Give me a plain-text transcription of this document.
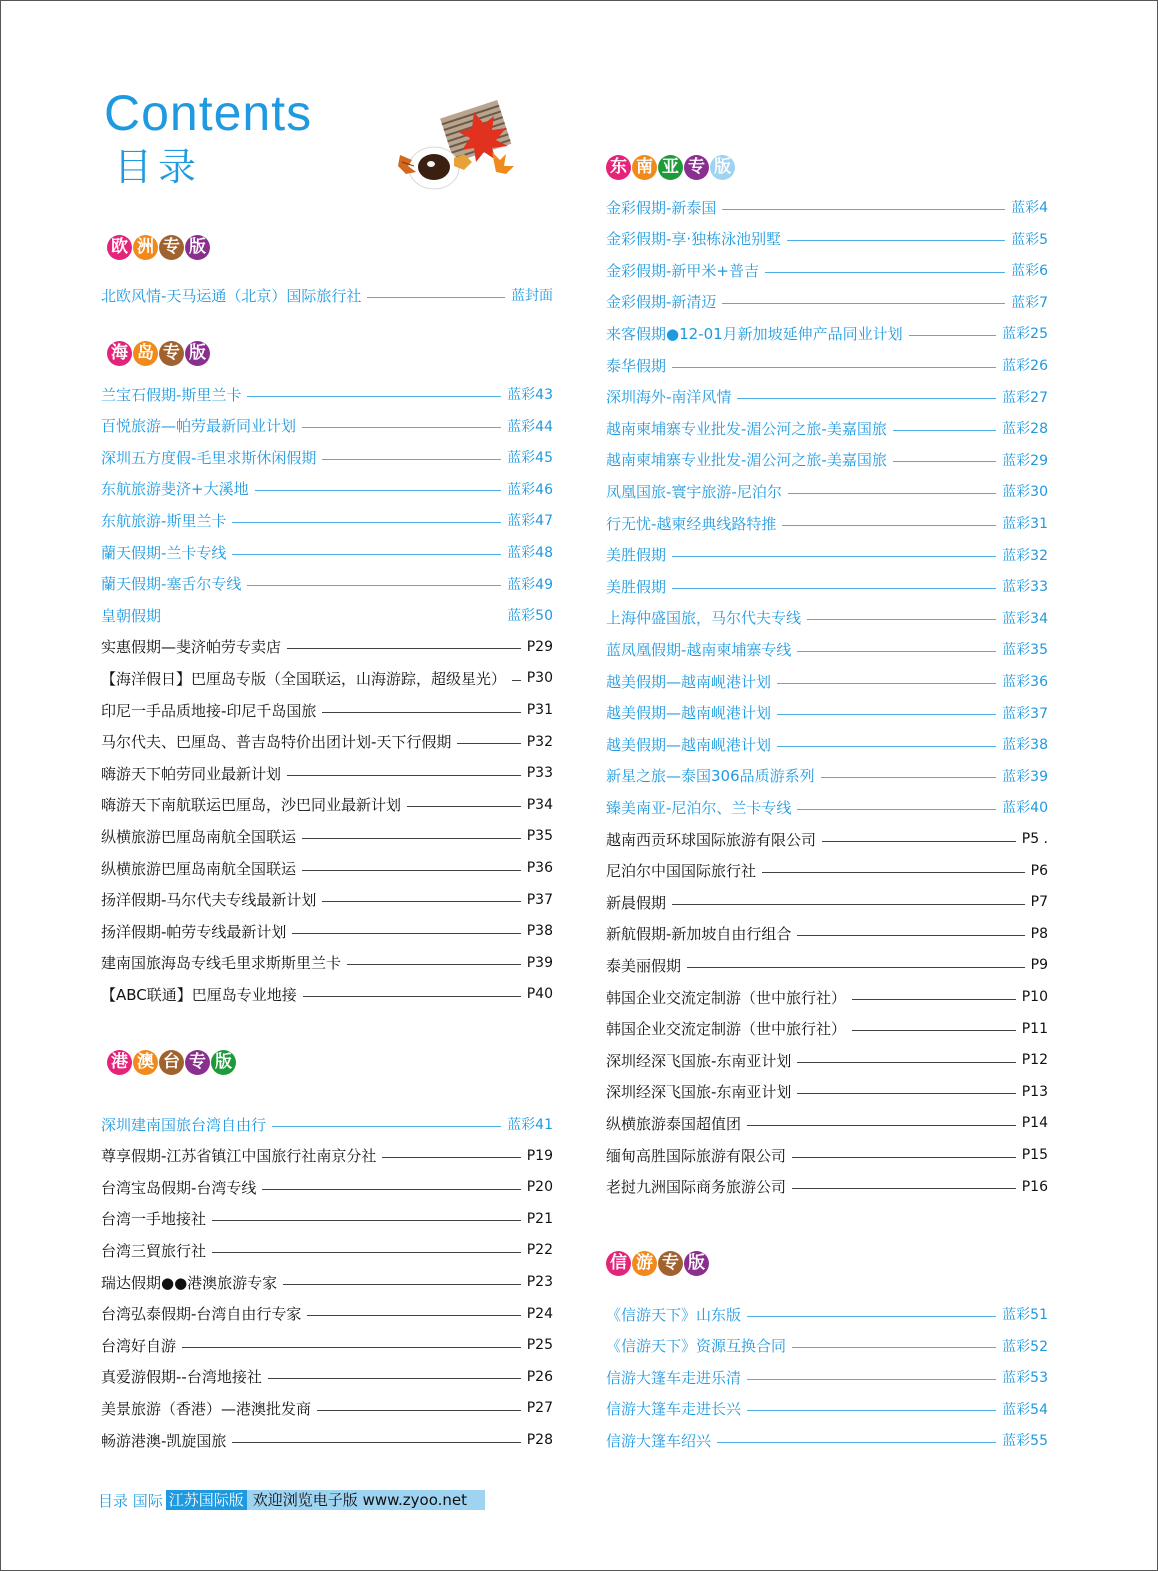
Contents
目录
欧 洲 专 版
北欧风情-天马运通（北京）国际旅行社	蓝封面
海 岛 专 版
兰宝石假期-斯里兰卡	蓝彩43
百悦旅游—帕劳最新同业计划	蓝彩44
深圳五方度假-毛里求斯休闲假期	蓝彩45
东航旅游斐济+大溪地	蓝彩46
东航旅游-斯里兰卡	蓝彩47
蘭天假期-兰卡专线	蓝彩48
蘭天假期-塞舌尔专线	蓝彩49
皇朝假期	蓝彩50
实惠假期—斐济帕劳专卖店	P29
【海洋假日】巴厘岛专版（全国联运，山海游踪，超级星光） P30
印尼一手品质地接-印尼千岛国旅	P31
马尔代夫、巴厘岛、普吉岛特价出团计划-天下行假期	P32
嗨游天下帕劳同业最新计划	P33
嗨游天下南航联运巴厘岛，沙巴同业最新计划	P34
纵横旅游巴厘岛南航全国联运	P35
纵横旅游巴厘岛南航全国联运	P36
扬洋假期-马尔代夫专线最新计划	P37
扬洋假期-帕劳专线最新计划	P38
建南国旅海岛专线毛里求斯斯里兰卡	P39
【ABC联通】巴厘岛专业地接	P40
港 澳 台 专 版
深圳建南国旅台湾自由行	蓝彩41
尊享假期-江苏省镇江中国旅行社南京分社	P19
台湾宝岛假期-台湾专线	P20
台湾一手地接社	P21
台湾三貿旅行社	P22
瑞达假期●●港澳旅游专家	P23
台湾弘泰假期-台湾自由行专家	P24
台湾好自游	P25
真爱游假期--台湾地接社	P26
美景旅游（香港）—港澳批发商	P27
畅游港澳-凯旋国旅	P28
东 南 亚 专 版
金彩假期-新泰国	蓝彩4
金彩假期-享·独栋泳池别墅	蓝彩5
金彩假期-新甲米+普吉	蓝彩6
金彩假期-新清迈	蓝彩7
来客假期●12-01月新加坡延伸产品同业计划	蓝彩25
泰华假期	蓝彩26
深圳海外-南洋风情	蓝彩27
越南柬埔寨专业批发-湄公河之旅-美嘉国旅	蓝彩28
越南柬埔寨专业批发-湄公河之旅-美嘉国旅	蓝彩29
凤凰国旅-寰宇旅游-尼泊尔	蓝彩30
行无忧-越柬经典线路特推	蓝彩31
美胜假期	蓝彩32
美胜假期	蓝彩33
上海仲盛国旅，马尔代夫专线	蓝彩34
蓝凤凰假期-越南柬埔寨专线	蓝彩35
越美假期—越南岘港计划	蓝彩36
越美假期—越南岘港计划	蓝彩37
越美假期—越南岘港计划	蓝彩38
新星之旅—泰国306品质游系列	蓝彩39
臻美南亚-尼泊尔、兰卡专线	蓝彩40
越南西贡环球国际旅游有限公司	P5 .
尼泊尔中国国际旅行社	P6
新晨假期	P7
新航假期-新加坡自由行组合	P8
泰美丽假期	P9
韩国企业交流定制游（世中旅行社）	P10
韩国企业交流定制游（世中旅行社）	P11
深圳经深飞国旅-东南亚计划	P12
深圳经深飞国旅-东南亚计划	P13
纵横旅游泰国超值团	P14
缅甸高胜国际旅游有限公司	P15
老挝九洲国际商务旅游公司	P16
信 游 专 版
《信游天下》山东版	蓝彩51
《信游天下》资源互换合同	蓝彩52
信游大篷车走进乐清	蓝彩53
信游大篷车走进长兴	蓝彩54
信游大篷车绍兴	蓝彩55
目录 国际 江苏国际版 欢迎浏览电子版 www.zyoo.net
